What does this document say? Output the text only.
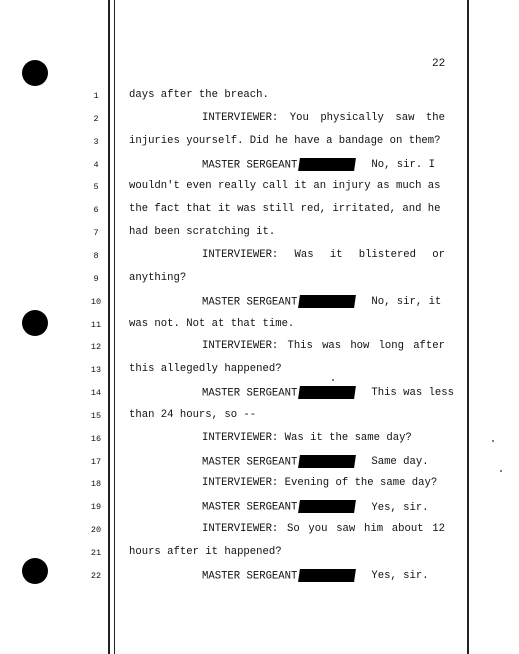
22
1	days after the breach.
2	INTERVIEWER: You physically saw the
3	injuries yourself. Did he have a bandage on them?
4	MASTER SERGEANT	No, sir. I
5	wouldn't even really call it an injury as much as
6	the fact that it was still red, irritated, and he
7	had been scratching it.
8	INTERVIEWER: Was it blistered or
9	anything?
10	MASTER SERGEANT	No, sir, it
11	was not. Not at that time.
12	INTERVIEWER: This was how long after
13	this allegedly happened?
14	MASTER SERGEANT	This was less
15	than 24 hours, so --
16	INTERVIEWER: Was it the same day?
17	MASTER SERGEANT	Same day.
18	INTERVIEWER: Evening of the same day?
19	MASTER SERGEANT	Yes, sir.
20	INTERVIEWER: So you saw him about 12
21	hours after it happened?
22	MASTER SERGEANT	Yes, sir.
